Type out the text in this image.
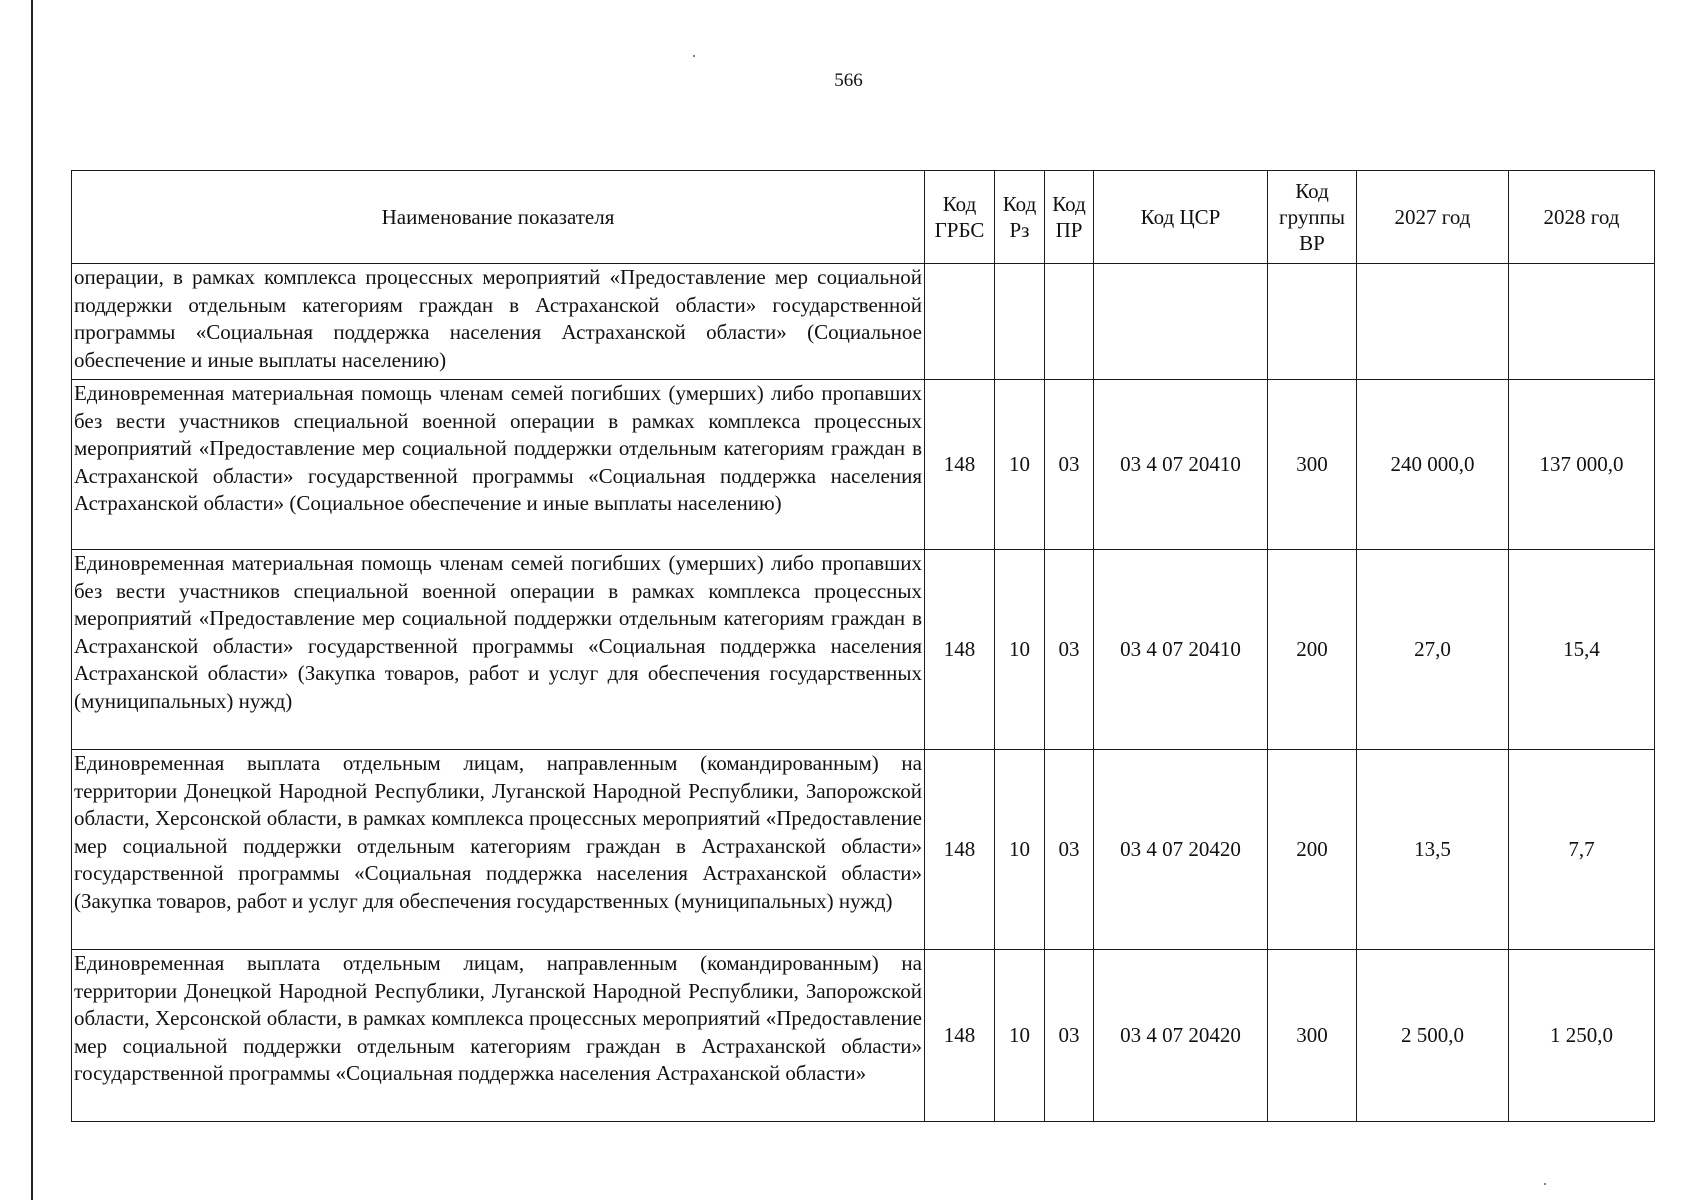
566
Наименование показателя	Код ГРБС	Код Рз	Код ПР	Код ЦСР	Код группы ВР	2027 год	2028 год
операции, в рамках комплекса процессных мероприятий «Предоставление мер социальной поддержки отдельным категориям граждан в Астраханской области» государственной программы «Социальная поддержка населения Астраханской области» (Социальное обеспечение и иные выплаты населению)							
Единовременная материальная помощь членам семей погибших (умерших) либо пропавших без вести участников специальной военной операции в рамках комплекса процессных мероприятий «Предоставление мер социальной поддержки отдельным категориям граждан в Астраханской области» государственной программы «Социальная поддержка населения Астраханской области» (Социальное обеспечение и иные выплаты населению)	148	10	03	03 4 07 20410	300	240 000,0	137 000,0
Единовременная материальная помощь членам семей погибших (умерших) либо пропавших без вести участников специальной военной операции в рамках комплекса процессных мероприятий «Предоставление мер социальной поддержки отдельным категориям граждан в Астраханской области» государственной программы «Социальная поддержка населения Астраханской области» (Закупка товаров, работ и услуг для обеспечения государственных (муниципальных) нужд)	148	10	03	03 4 07 20410	200	27,0	15,4
Единовременная выплата отдельным лицам, направленным (командированным) на территории Донецкой Народной Республики, Луганской Народной Республики, Запорожской области, Херсонской области, в рамках комплекса процессных мероприятий «Предоставление мер социальной поддержки отдельным категориям граждан в Астраханской области» государственной программы «Социальная поддержка населения Астраханской области» (Закупка товаров, работ и услуг для обеспечения государственных (муниципальных) нужд)	148	10	03	03 4 07 20420	200	13,5	7,7
Единовременная выплата отдельным лицам, направленным (командированным) на территории Донецкой Народной Республики, Луганской Народной Республики, Запорожской области, Херсонской области, в рамках комплекса процессных мероприятий «Предоставление мер социальной поддержки отдельным категориям граждан в Астраханской области» государственной программы «Социальная поддержка населения Астраханской области»	148	10	03	03 4 07 20420	300	2 500,0	1 250,0
